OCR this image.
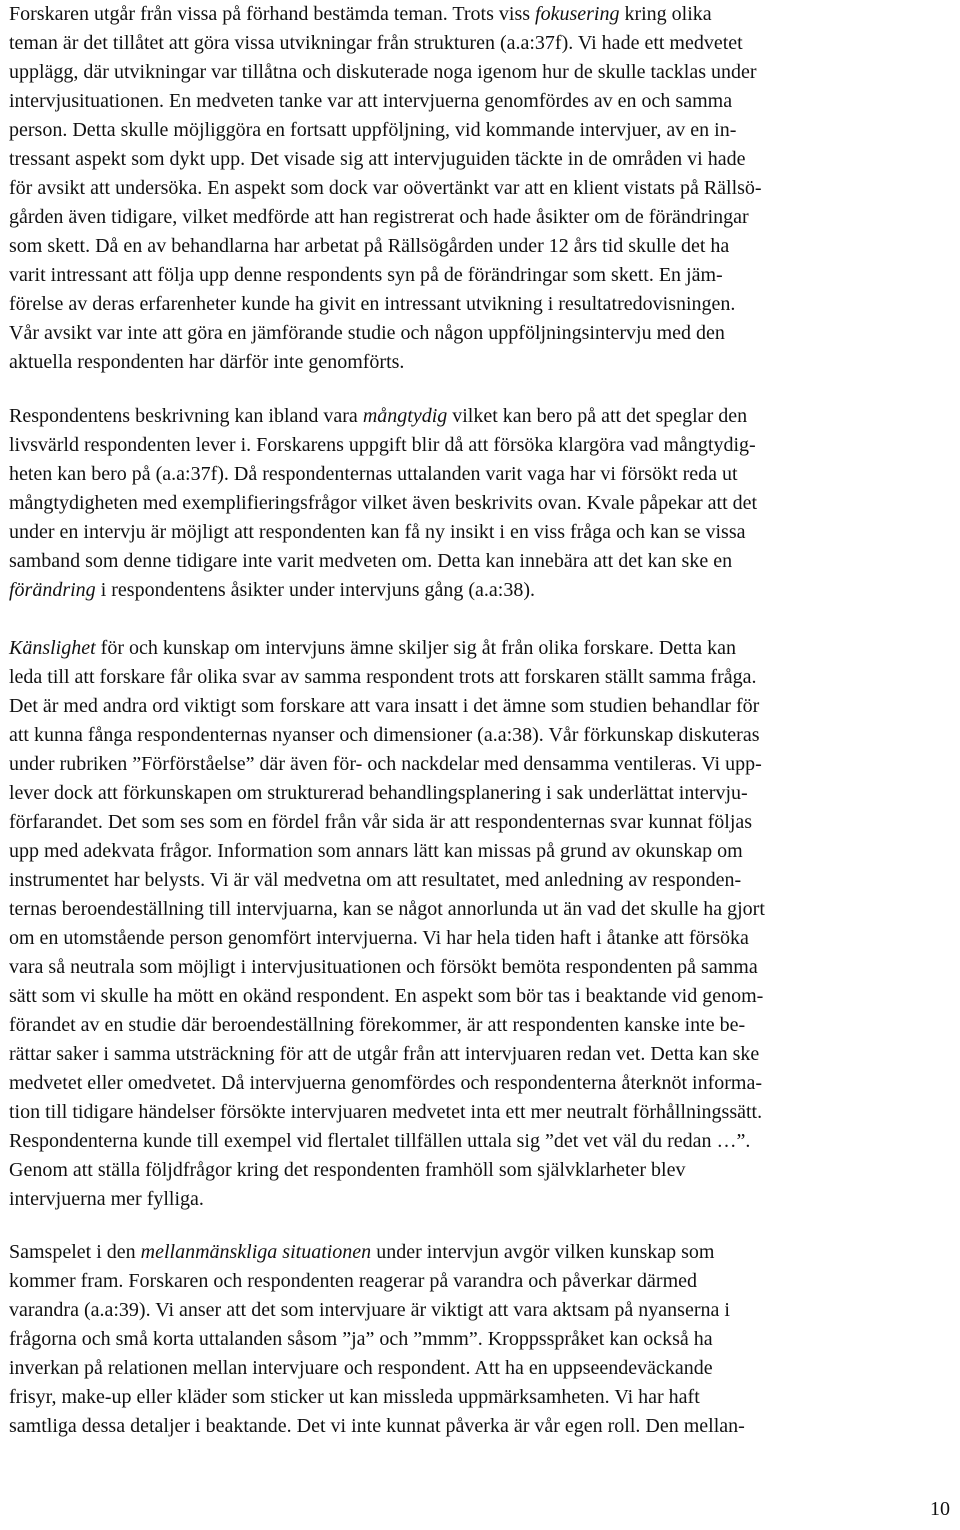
Forskaren utgår från vissa på förhand bestämda teman. Trots viss fokusering kring olika
teman är det tillåtet att göra vissa utvikningar från strukturen (a.a:37f). Vi hade ett medvetet
upplägg, där utvikningar var tillåtna och diskuterade noga igenom hur de skulle tacklas under
intervjusituationen. En medveten tanke var att intervjuerna genomfördes av en och samma
person. Detta skulle möjliggöra en fortsatt uppföljning, vid kommande intervjuer, av en in-
tressant aspekt som dykt upp. Det visade sig att intervjuguiden täckte in de områden vi hade
för avsikt att undersöka. En aspekt som dock var oövertänkt var att en klient vistats på Rällsö-
gården även tidigare, vilket medförde att han registrerat och hade åsikter om de förändringar
som skett. Då en av behandlarna har arbetat på Rällsögården under 12 års tid skulle det ha
varit intressant att följa upp denne respondents syn på de förändringar som skett. En jäm-
förelse av deras erfarenheter kunde ha givit en intressant utvikning i resultatredovisningen.
Vår avsikt var inte att göra en jämförande studie och någon uppföljningsintervju med den
aktuella respondenten har därför inte genomförts.
Respondentens beskrivning kan ibland vara mångtydig vilket kan bero på att det speglar den
livsvärld respondenten lever i. Forskarens uppgift blir då att försöka klargöra vad mångtydig-
heten kan bero på (a.a:37f). Då respondenternas uttalanden varit vaga har vi försökt reda ut
mångtydigheten med exemplifieringsfrågor vilket även beskrivits ovan. Kvale påpekar att det
under en intervju är möjligt att respondenten kan få ny insikt i en viss fråga och kan se vissa
samband som denne tidigare inte varit medveten om. Detta kan innebära att det kan ske en
förändring i respondentens åsikter under intervjuns gång (a.a:38).
Känslighet för och kunskap om intervjuns ämne skiljer sig åt från olika forskare. Detta kan
leda till att forskare får olika svar av samma respondent trots att forskaren ställt samma fråga.
Det är med andra ord viktigt som forskare att vara insatt i det ämne som studien behandlar för
att kunna fånga respondenternas nyanser och dimensioner (a.a:38). Vår förkunskap diskuteras
under rubriken ”Förförståelse” där även för- och nackdelar med densamma ventileras. Vi upp-
lever dock att förkunskapen om strukturerad behandlingsplanering i sak underlättat intervju-
förfarandet. Det som ses som en fördel från vår sida är att respondenternas svar kunnat följas
upp med adekvata frågor. Information som annars lätt kan missas på grund av okunskap om
instrumentet har belysts. Vi är väl medvetna om att resultatet, med anledning av responden-
ternas beroendeställning till intervjuarna, kan se något annorlunda ut än vad det skulle ha gjort
om en utomstående person genomfört intervjuerna. Vi har hela tiden haft i åtanke att försöka
vara så neutrala som möjligt i intervjusituationen och försökt bemöta respondenten på samma
sätt som vi skulle ha mött en okänd respondent. En aspekt som bör tas i beaktande vid genom-
förandet av en studie där beroendeställning förekommer, är att respondenten kanske inte be-
rättar saker i samma utsträckning för att de utgår från att intervjuaren redan vet. Detta kan ske
medvetet eller omedvetet. Då intervjuerna genomfördes och respondenterna återknöt informa-
tion till tidigare händelser försökte intervjuaren medvetet inta ett mer neutralt förhållningssätt.
Respondenterna kunde till exempel vid flertalet tillfällen uttala sig ”det vet väl du redan …”.
Genom att ställa följdfrågor kring det respondenten framhöll som självklarheter blev
intervjuerna mer fylliga.
Samspelet i den mellanmänskliga situationen under intervjun avgör vilken kunskap som
kommer fram. Forskaren och respondenten reagerar på varandra och påverkar därmed
varandra (a.a:39). Vi anser att det som intervjuare är viktigt att vara aktsam på nyanserna i
frågorna och små korta uttalanden såsom ”ja” och ”mmm”. Kroppsspråket kan också ha
inverkan på relationen mellan intervjuare och respondent. Att ha en uppseendeväckande
frisyr, make-up eller kläder som sticker ut kan missleda uppmärksamheten. Vi har haft
samtliga dessa detaljer i beaktande. Det vi inte kunnat påverka är vår egen roll. Den mellan-
10
